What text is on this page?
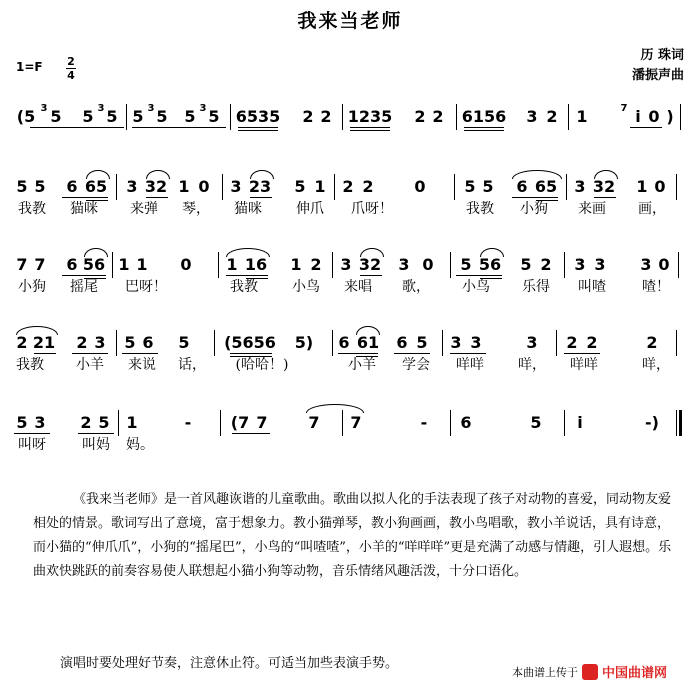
我来当老师
1=F 2
4
历 珠词
潘振声曲
(5 3 5 5 3 5 5 3 5 5 3 5 6535 2 2 1235 2 2 6156 3 2 1	7 i 0 )
5 5 6 65 3 32 1 0 3 23 5 1 2 2	0 5 5 6 65 3 32 1 0
我教 猫咪 来弹 琴， 猫咪 伸爪 爪呀！	我教 小狗 来画 画，
7 7 6 56 1 1 0 1 16 1 2 3 32 3 0 5 56 5 2 3 3 3 0
小狗 摇尾 巴呀！	我教 小鸟 来唱 歌， 小鸟 乐得 叫喳	喳！
2 21 2 3 5 6 5 (5656 5) 6 61 6 5 3 3	3 2 2	2
我教 小羊 来说 话， (哈哈！)	小羊 学会 咩咩 咩， 咩咩	咩，
5 3 2 5 1	- (7 7	7 7	- 6	5 i	-)
叫呀	叫妈 妈。
《我来当老师》是一首风趣诙谐的儿童歌曲。歌曲以拟人化的手法表现了孩子对动物的喜爱，同动物友爱相处的情景。歌词写出了意境，富于想象力。教小猫弹琴，教小狗画画，教小鸟唱歌，教小羊说话，具有诗意，而小猫的“伸爪爪”，小狗的“摇尾巴”，小鸟的“叫喳喳”，小羊的“咩咩咩”更是充满了动感与情趣，引人遐想。乐曲欢快跳跃的前奏容易使人联想起小猫小狗等动物，音乐情绪风趣活泼，十分口语化。
演唱时要处理好节奏，注意休止符。可适当加些表演手势。
本曲谱上传于 中国曲谱网
